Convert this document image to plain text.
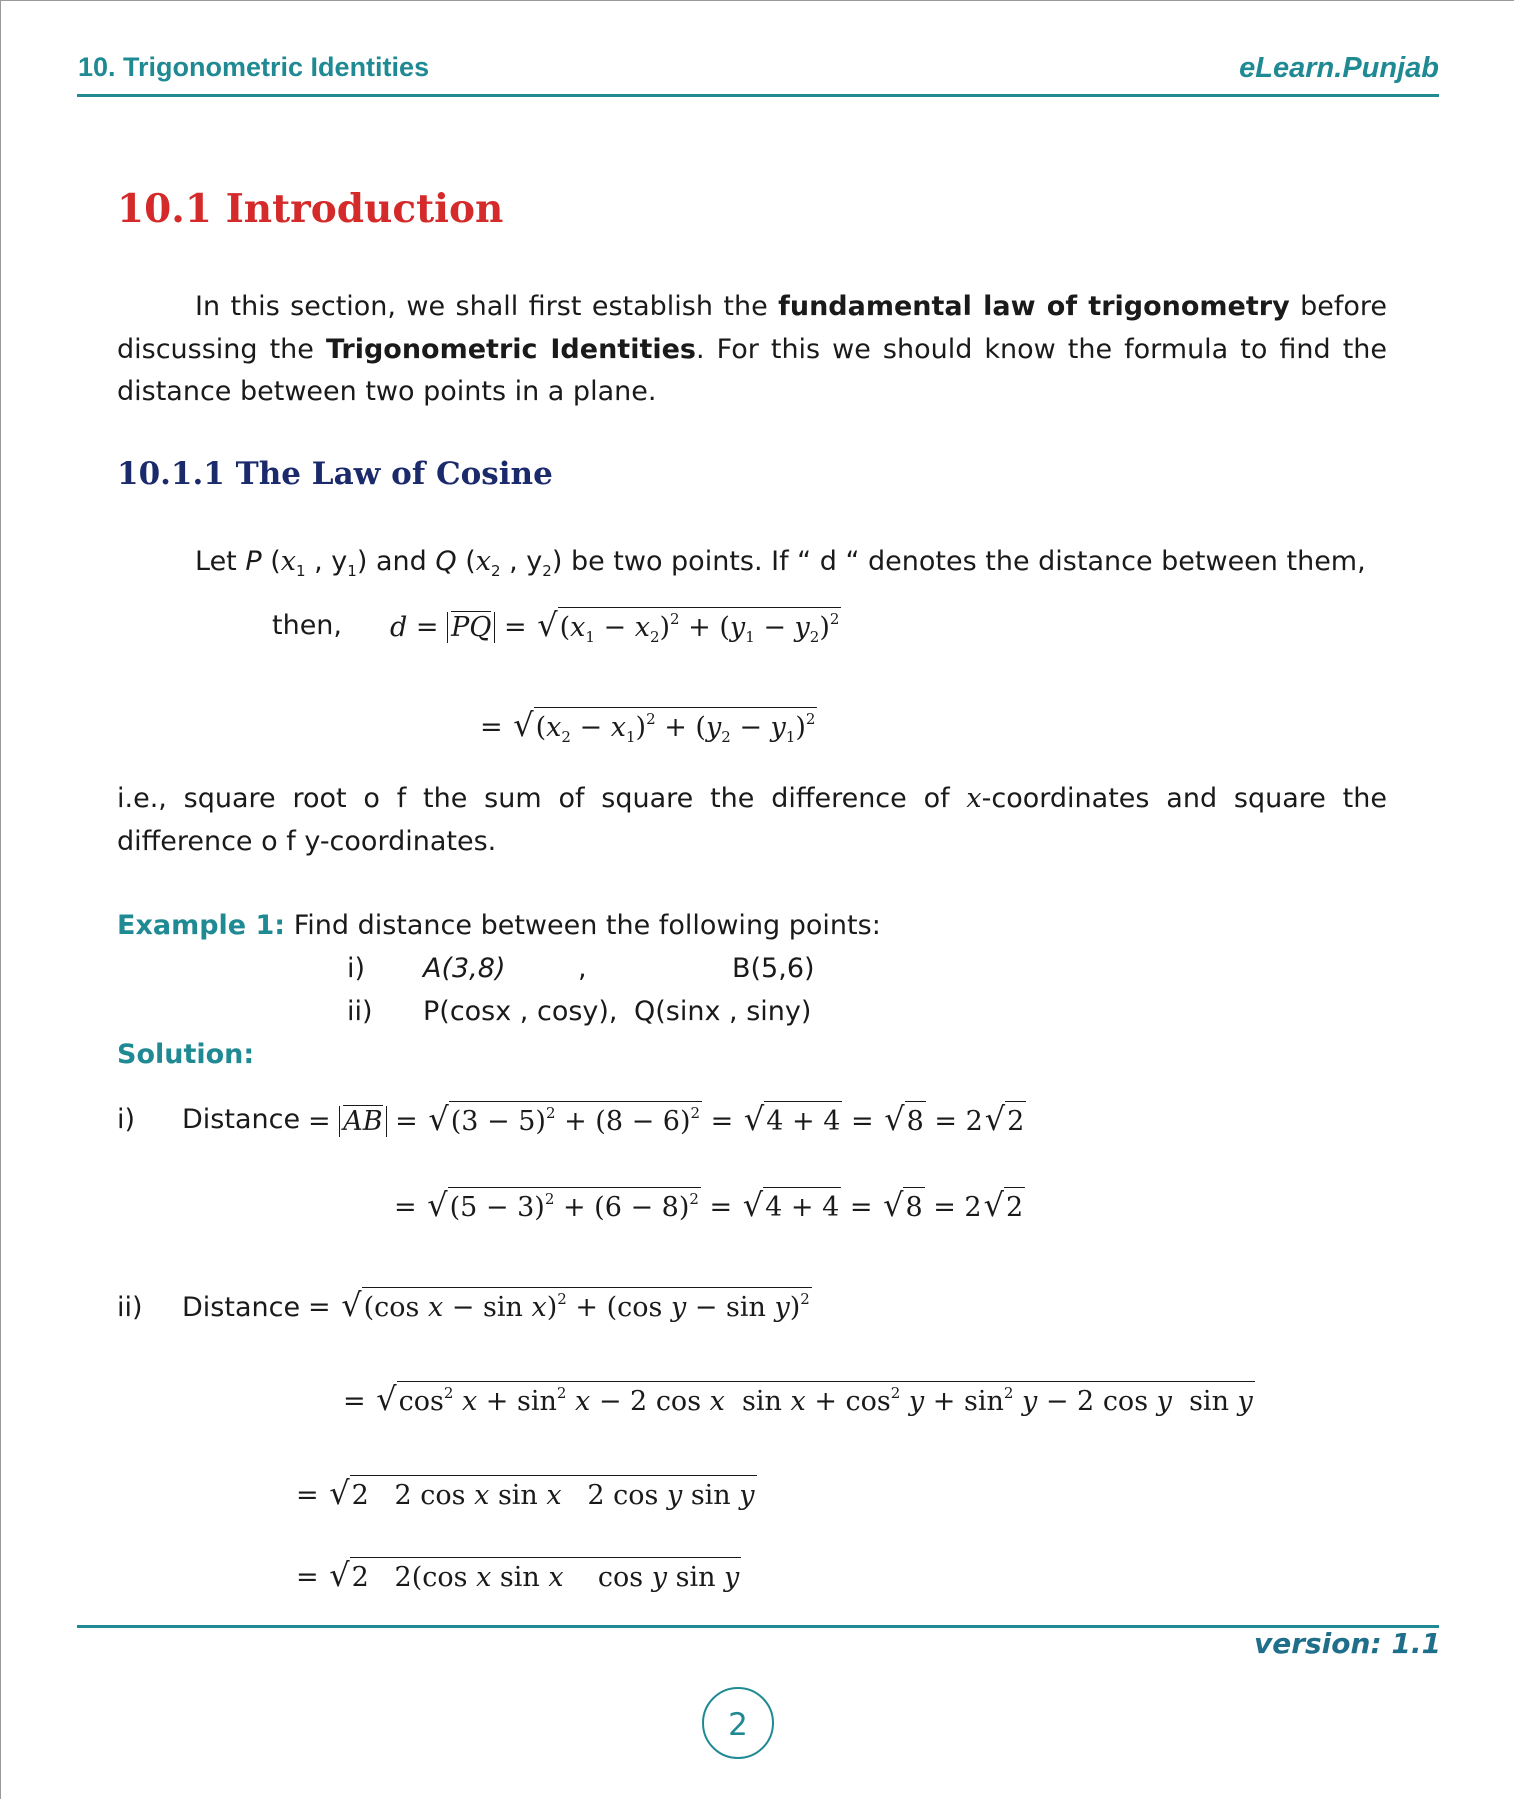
10. Trigonometric Identities	eLearn.Punjab
10.1 Introduction
In this section, we shall first establish the fundamental law of trigonometry before discussing the Trigonometric Identities. For this we should know the formula to find the distance between two points in a plane.
10.1.1 The Law of Cosine
Let P ($x_1$ , $y_1$) and Q ($x_2$ , $y_2$) be two points. If “ d “ denotes the distance between them,
then, d = PQ = $√(x_1 - x_2)^2 + (y_1 - y_2)^2$
= $√(x_2 - x_1)^2 + (y_2 - y_1)^2$
i.e., square root o f the sum of square the difference of x-coordinates and square the difference o f y-coordinates.
Example 1: Find distance between the following points:
i) A(3,8)	,	B(5,6)
ii) P(cosx , cosy), Q(sinx , siny)
Solution:
i) Distance = AB = $√(3 - 5)^2 + (8 - 6)^2 = √4 + 4 = √8 = 2√2$
= $√(5 - 3)^2 + (6 - 8)^2 = √4 + 4 = √8 = 2√2$
ii) Distance = √(cos x − sin x)$^2$ + (cos y − sin y)$^2$
= $√\cos^2$ $x + \sin^2 x - 2$ cos x  $\sin x + \cos^2 y + \sin^2 y - 2$ cos y  sin y
= √2   2 cos x sin x   2 cos y sin y
= √2   2(cos x sin x    cos y sin y
version: 1.1
2
